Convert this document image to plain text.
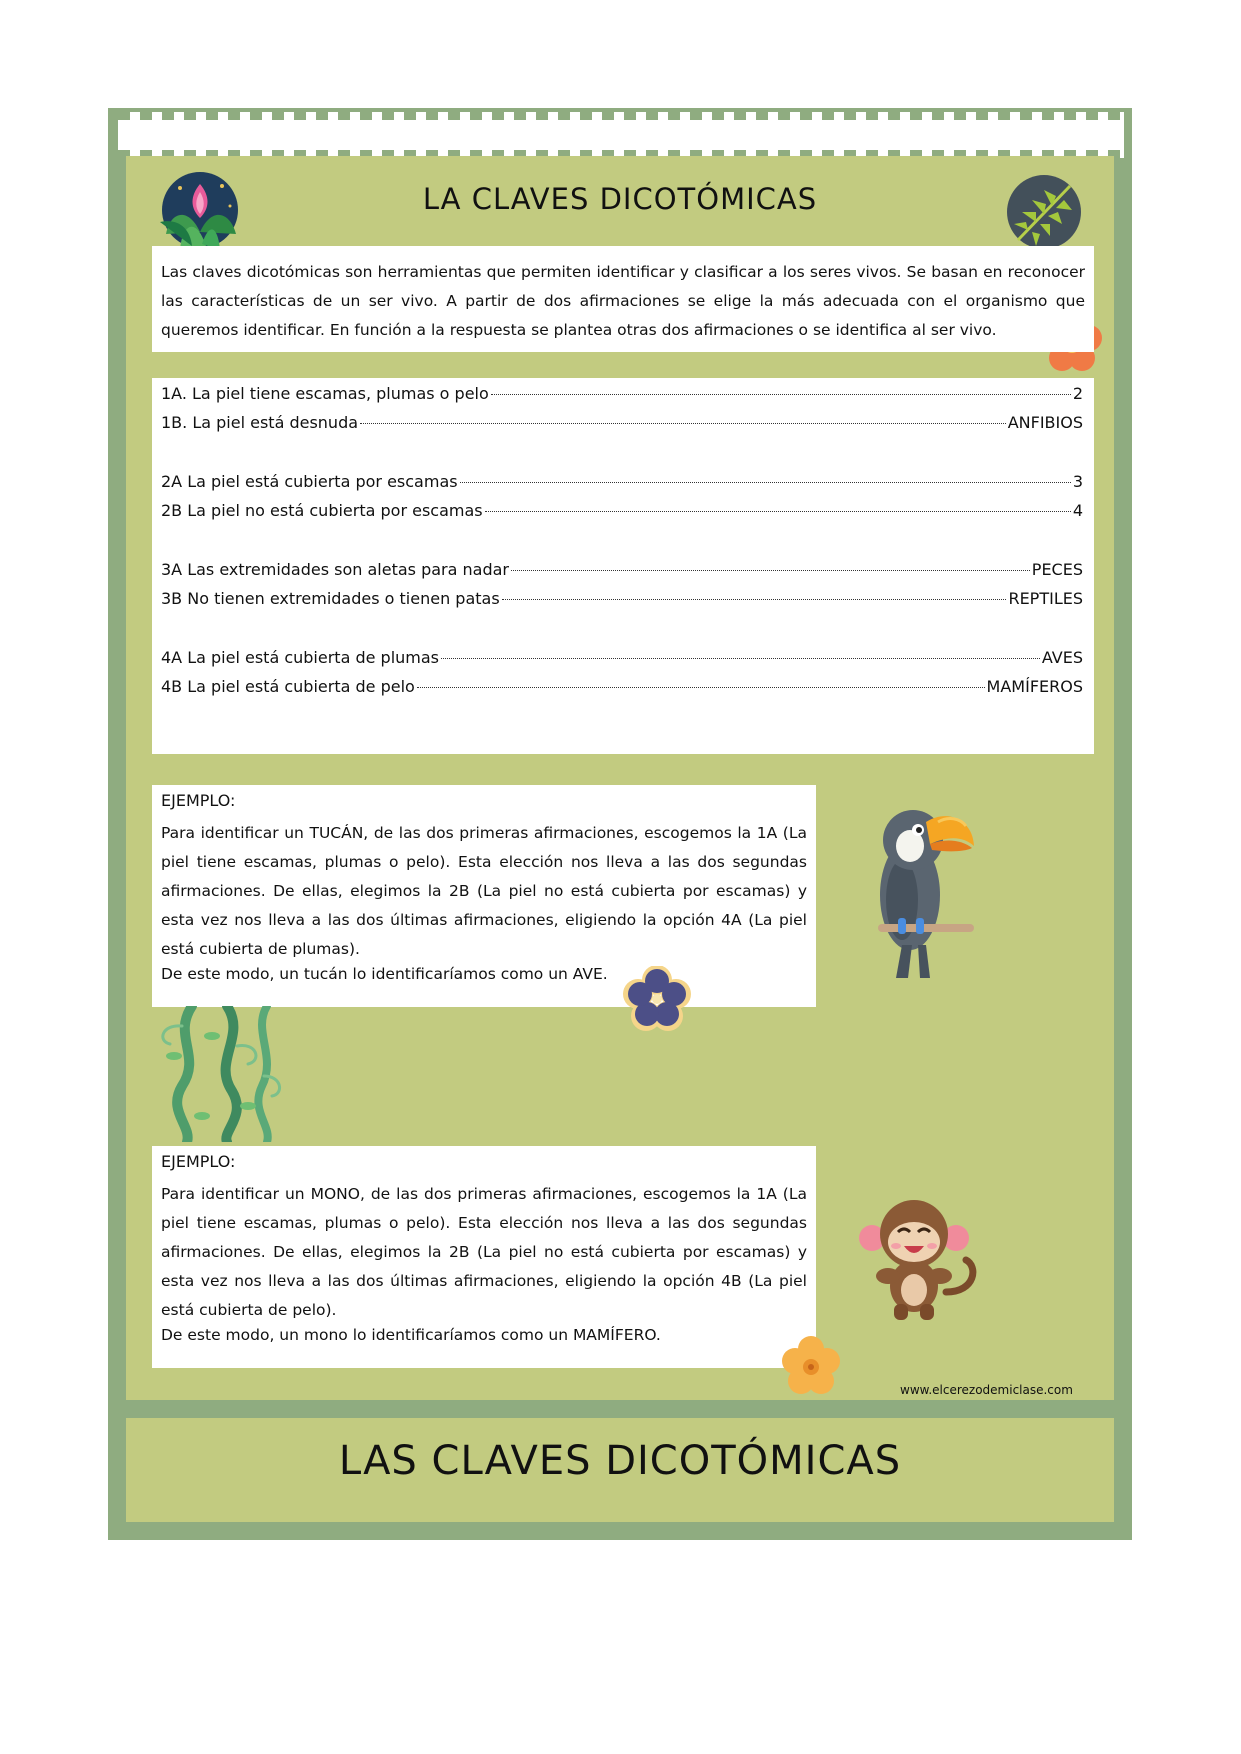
LA CLAVES DICOTÓMICAS

Las claves dicotómicas son herramientas que permiten identificar y clasificar a los seres vivos. Se basan en reconocer las características de un ser vivo. A partir de dos afirmaciones se elige la más adecuada con el organismo que queremos identificar. En función a la respuesta se plantea otras dos afirmaciones o se identifica al ser vivo.

1A. La piel tiene escamas, plumas o pelo	2
1B. La piel está desnuda	ANFIBIOS
2A La piel está cubierta por escamas	3
2B La piel no está cubierta por escamas	4
3A Las extremidades son aletas para nadar	PECES
3B No tienen extremidades o tienen patas	REPTILES
4A La piel está cubierta de plumas	AVES
4B La piel está cubierta de pelo	MAMÍFEROS
EJEMPLO:

Para identificar un TUCÁN, de las dos primeras afirmaciones, escogemos la 1A (La piel tiene escamas, plumas o pelo). Esta elección nos lleva a las dos segundas afirmaciones. De ellas, elegimos la 2B (La piel no está cubierta por escamas) y esta vez nos lleva a las dos últimas afirmaciones, eligiendo la opción 4A (La piel está cubierta de plumas).

De este modo, un tucán lo identificaríamos como un AVE.
EJEMPLO:

Para identificar un MONO, de las dos primeras afirmaciones, escogemos la 1A (La piel tiene escamas, plumas o pelo). Esta elección nos lleva a las dos segundas afirmaciones. De ellas, elegimos la 2B (La piel no está cubierta por escamas) y esta vez nos lleva a las dos últimas afirmaciones, eligiendo la opción 4B (La piel está cubierta de pelo).

De este modo, un mono lo identificaríamos como un MAMÍFERO.
www.elcerezodemiclase.com
LAS CLAVES DICOTÓMICAS
